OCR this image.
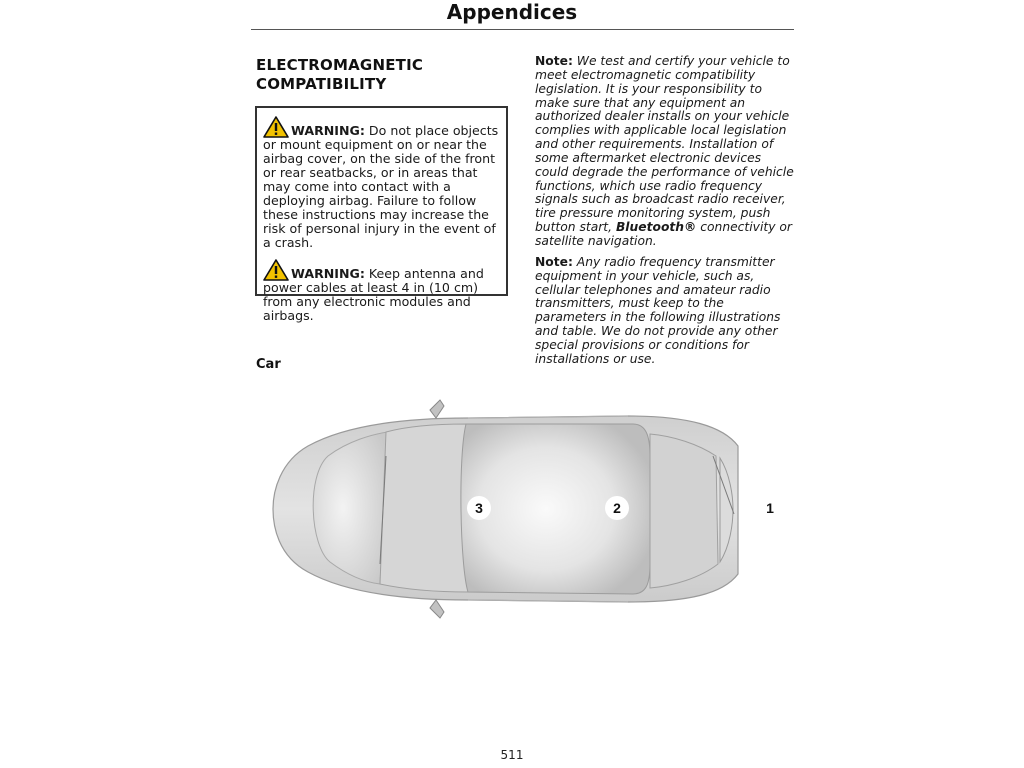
Appendices
ELECTROMAGNETIC COMPATIBILITY
WARNING: Do not place objects or mount equipment on or near the airbag cover, on the side of the front or rear seatbacks, or in areas that may come into contact with a deploying airbag. Failure to follow these instructions may increase the risk of personal injury in the event of a crash.
WARNING: Keep antenna and power cables at least 4 in (10 cm) from any electronic modules and airbags.

Note: We test and certify your vehicle to meet electromagnetic compatibility legislation. It is your responsibility to make sure that any equipment an authorized dealer installs on your vehicle complies with applicable local legislation and other requirements. Installation of some aftermarket electronic devices could degrade the performance of vehicle functions, which use radio frequency signals such as broadcast radio receiver, tire pressure monitoring system, push button start, Bluetooth® connectivity or satellite navigation.

Note: Any radio frequency transmitter equipment in your vehicle, such as, cellular telephones and amateur radio transmitters, must keep to the parameters in the following illustrations and table. We do not provide any other special provisions or conditions for installations or use.

Car
3	2	1
511
